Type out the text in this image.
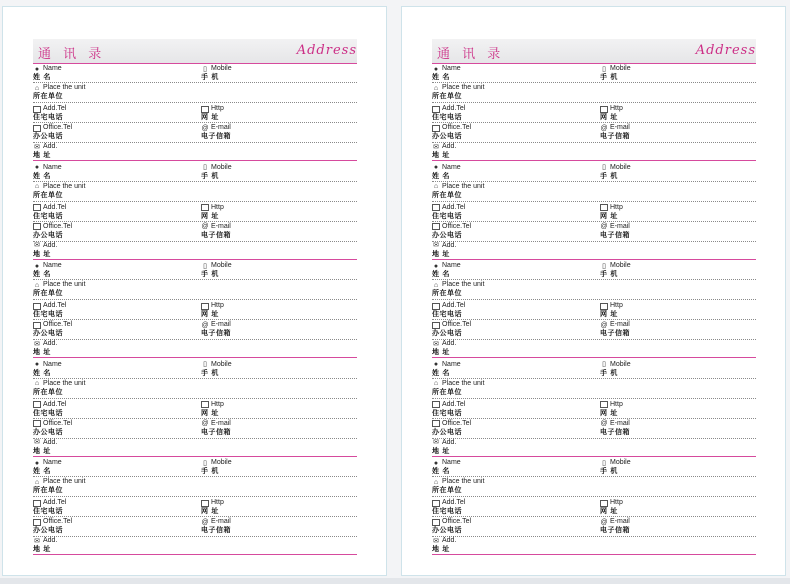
通 讯 录	Address
● Name
姓 名
▯ Mobile
手 机
⌂ Place the unit
所在单位
Add.Tel
住宅电话
Http
网 址
Office.Tel
办公电话
@ E-mail
电子信箱
✉ Add.
地 址
● Name
姓 名
▯ Mobile
手 机
⌂ Place the unit
所在单位
Add.Tel
住宅电话
Http
网 址
Office.Tel
办公电话
@ E-mail
电子信箱
✉ Add.
地 址
● Name
姓 名
▯ Mobile
手 机
⌂ Place the unit
所在单位
Add.Tel
住宅电话
Http
网 址
Office.Tel
办公电话
@ E-mail
电子信箱
✉ Add.
地 址
● Name
姓 名
▯ Mobile
手 机
⌂ Place the unit
所在单位
Add.Tel
住宅电话
Http
网 址
Office.Tel
办公电话
@ E-mail
电子信箱
✉ Add.
地 址
● Name
姓 名
▯ Mobile
手 机
⌂ Place the unit
所在单位
Add.Tel
住宅电话
Http
网 址
Office.Tel
办公电话
@ E-mail
电子信箱
✉ Add.
地 址
通 讯 录	Address
● Name
姓 名
▯ Mobile
手 机
⌂ Place the unit
所在单位
Add.Tel
住宅电话
Http
网 址
Office.Tel
办公电话
@ E-mail
电子信箱
✉ Add.
地 址
● Name
姓 名
▯ Mobile
手 机
⌂ Place the unit
所在单位
Add.Tel
住宅电话
Http
网 址
Office.Tel
办公电话
@ E-mail
电子信箱
✉ Add.
地 址
● Name
姓 名
▯ Mobile
手 机
⌂ Place the unit
所在单位
Add.Tel
住宅电话
Http
网 址
Office.Tel
办公电话
@ E-mail
电子信箱
✉ Add.
地 址
● Name
姓 名
▯ Mobile
手 机
⌂ Place the unit
所在单位
Add.Tel
住宅电话
Http
网 址
Office.Tel
办公电话
@ E-mail
电子信箱
✉ Add.
地 址
● Name
姓 名
▯ Mobile
手 机
⌂ Place the unit
所在单位
Add.Tel
住宅电话
Http
网 址
Office.Tel
办公电话
@ E-mail
电子信箱
✉ Add.
地 址
